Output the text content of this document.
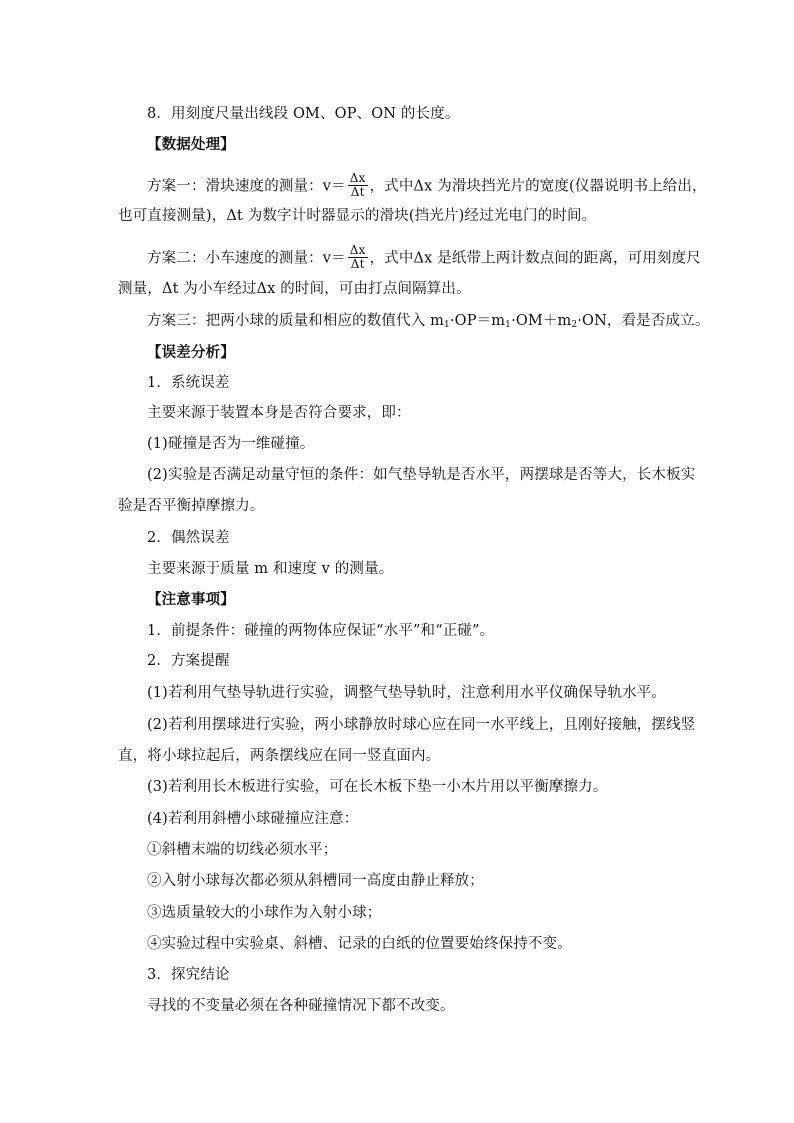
8．用刻度尺量出线段 OM、OP、ON 的长度。
【数据处理】
方案一：滑块速度的测量：$v= \frac{\Delta x}{\Delta t}$ ，式中Δx 为滑块挡光片的宽度(仪器说明书上给出，
也可直接测量)，Δt 为数字计时器显示的滑块(挡光片)经过光电门的时间。
方案二：小车速度的测量：$v= \frac{\Delta x}{\Delta t}$ ，式中Δx 是纸带上两计数点间的距离，可用刻度尺
测量，Δt 为小车经过Δx 的时间，可由打点间隔算出。
方案三：把两小球的质量和相应的数值代入 $m_1\cdot OP=m_1\cdot OM+m_2\cdot ON$，看是否成立。
【误差分析】
1．系统误差
主要来源于装置本身是否符合要求，即：
(1)碰撞是否为一维碰撞。
(2)实验是否满足动量守恒的条件：如气垫导轨是否水平，两摆球是否等大，长木板实
验是否平衡掉摩擦力。
2．偶然误差
主要来源于质量 m 和速度 v 的测量。
【注意事项】
1．前提条件：碰撞的两物体应保证“水平”和“正碰”。
2．方案提醒
(1)若利用气垫导轨进行实验，调整气垫导轨时，注意利用水平仪确保导轨水平。
(2)若利用摆球进行实验，两小球静放时球心应在同一水平线上，且刚好接触，摆线竖
直，将小球拉起后，两条摆线应在同一竖直面内。
(3)若利用长木板进行实验，可在长木板下垫一小木片用以平衡摩擦力。
(4)若利用斜槽小球碰撞应注意：
①斜槽末端的切线必须水平；
②入射小球每次都必须从斜槽同一高度由静止释放；
③选质量较大的小球作为入射小球；
④实验过程中实验桌、斜槽、记录的白纸的位置要始终保持不变。
3．探究结论
寻找的不变量必须在各种碰撞情况下都不改变。
